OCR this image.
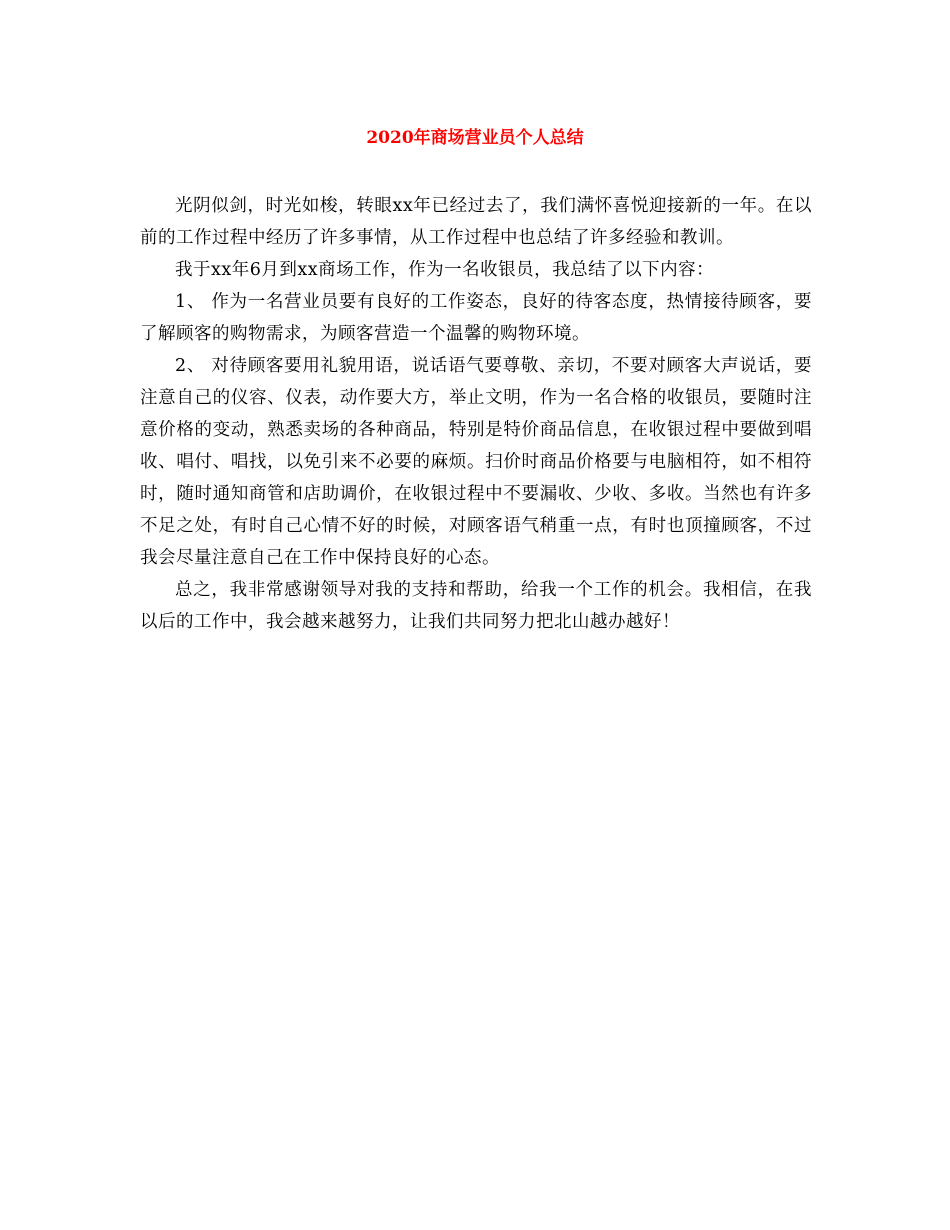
2020年商场营业员个人总结

光阴似剑，时光如梭，转眼xx年已经过去了，我们满怀喜悦迎接新的一年。在以前的工作过程中经历了许多事情，从工作过程中也总结了许多经验和教训。

我于xx年6月到xx商场工作，作为一名收银员，我总结了以下内容：

1、 作为一名营业员要有良好的工作姿态，良好的待客态度，热情接待顾客，要了解顾客的购物需求，为顾客营造一个温馨的购物环境。

2、 对待顾客要用礼貌用语，说话语气要尊敬、亲切，不要对顾客大声说话，要注意自己的仪容、仪表，动作要大方，举止文明，作为一名合格的收银员，要随时注意价格的变动，熟悉卖场的各种商品，特别是特价商品信息，在收银过程中要做到唱收、唱付、唱找，以免引来不必要的麻烦。扫价时商品价格要与电脑相符，如不相符时，随时通知商管和店助调价，在收银过程中不要漏收、少收、多收。当然也有许多不足之处，有时自己心情不好的时候，对顾客语气稍重一点，有时也顶撞顾客，不过我会尽量注意自己在工作中保持良好的心态。

总之，我非常感谢领导对我的支持和帮助，给我一个工作的机会。我相信，在我以后的工作中，我会越来越努力，让我们共同努力把北山越办越好！
